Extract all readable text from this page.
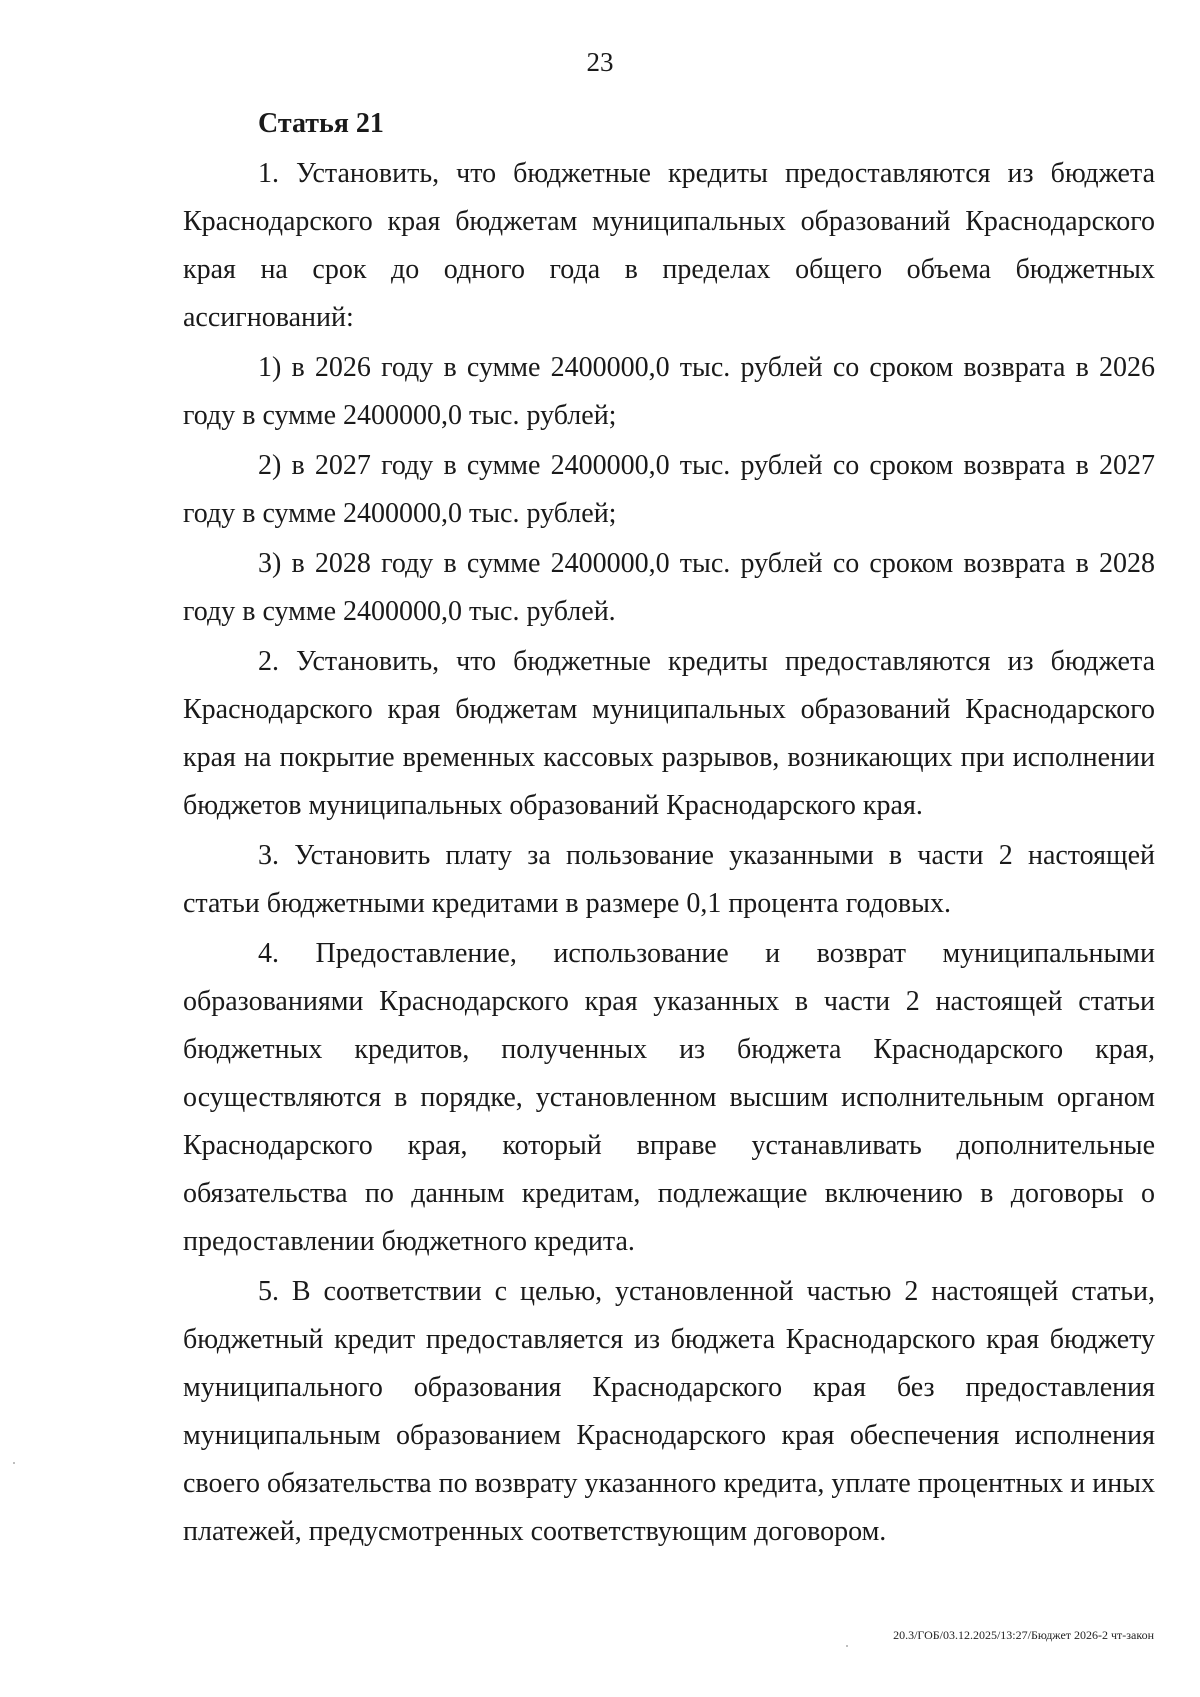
23
Статья 21

1. Установить, что бюджетные кредиты предоставляются из бюджета Краснодарского края бюджетам муниципальных образований Краснодарского края на срок до одного года в пределах общего объема бюджетных ассигнований:

1) в 2026 году в сумме 2400000,0 тыс. рублей со сроком возврата в 2026 году в сумме 2400000,0 тыс. рублей;

2) в 2027 году в сумме 2400000,0 тыс. рублей со сроком возврата в 2027 году в сумме 2400000,0 тыс. рублей;

3) в 2028 году в сумме 2400000,0 тыс. рублей со сроком возврата в 2028 году в сумме 2400000,0 тыс. рублей.

2. Установить, что бюджетные кредиты предоставляются из бюджета Краснодарского края бюджетам муниципальных образований Краснодарского края на покрытие временных кассовых разрывов, возникающих при исполнении бюджетов муниципальных образований Краснодарского края.

3. Установить плату за пользование указанными в части 2 настоящей статьи бюджетными кредитами в размере 0,1 процента годовых.

4. Предоставление, использование и возврат муниципальными образованиями Краснодарского края указанных в части 2 настоящей статьи бюджетных кредитов, полученных из бюджета Краснодарского края, осуществляются в порядке, установленном высшим исполнительным органом Краснодарского края, который вправе устанавливать дополнительные обязательства по данным кредитам, подлежащие включению в договоры о предоставлении бюджетного кредита.

5. В соответствии с целью, установленной частью 2 настоящей статьи, бюджетный кредит предоставляется из бюджета Краснодарского края бюджету муниципального образования Краснодарского края без предоставления муниципальным образованием Краснодарского края обеспечения исполнения своего обязательства по возврату указанного кредита, уплате процентных и иных платежей, предусмотренных соответствующим договором.

20.3/ГОБ/03.12.2025/13:27/Бюджет 2026-2 чт-закон
